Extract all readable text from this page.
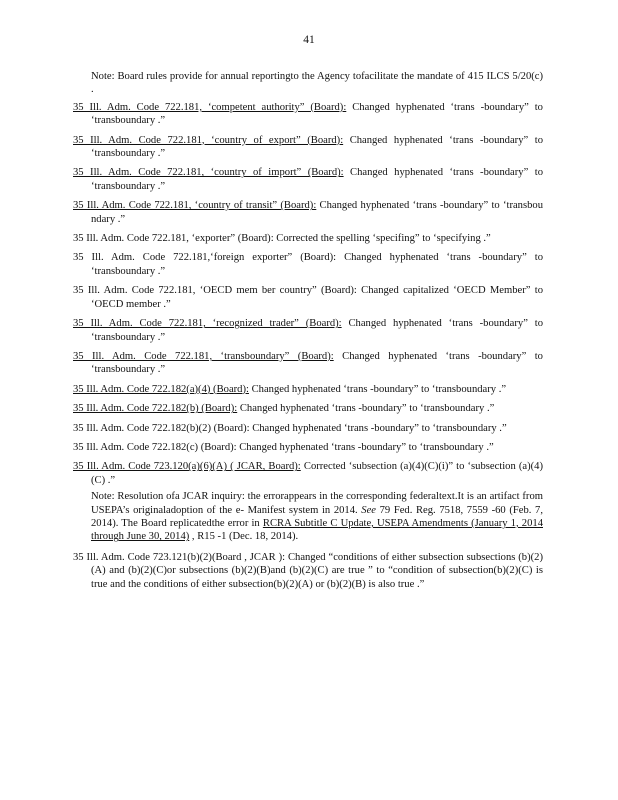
41
Note: Board rules provide for annual reportingto the Agency tofacilitate the mandate of 415 ILCS 5/20(c) .
35 Ill. Adm. Code 722.181, ‘competent authority” (Board): Changed hyphenated ‘trans -boundary” to ‘transboundary .”
35 Ill. Adm. Code 722.181, ‘country of export” (Board): Changed hyphenated ‘trans -boundary” to ‘transboundary .”
35 Ill. Adm. Code 722.181, ‘country of import” (Board): Changed hyphenated ‘trans -boundary” to ‘transboundary .”
35 Ill. Adm. Code 722.181, ‘country of transit” (Board): Changed hyphenated ‘trans -boundary” to ‘transbou ndary .”
35 Ill. Adm. Code 722.181, ‘exporter” (Board): Corrected the spelling ‘specifing” to ‘specifying .”
35 Ill. Adm. Code 722.181,‘foreign exporter” (Board): Changed hyphenated ‘trans -boundary” to ‘transboundary .”
35 Ill. Adm. Code 722.181, ‘OECD mem ber country” (Board): Changed capitalized ‘OECD Member” to ‘OECD member .”
35 Ill. Adm. Code 722.181, ‘recognized trader” (Board): Changed hyphenated ‘trans -boundary” to ‘transboundary .”
35 Ill. Adm. Code 722.181, ‘transboundary” (Board): Changed hyphenated ‘trans -boundary” to ‘transboundary .”
35 Ill. Adm. Code 722.182(a)(4) (Board): Changed hyphenated ‘trans -boundary” to ‘transboundary .”
35 Ill. Adm. Code 722.182(b) (Board): Changed hyphenated ‘trans -boundary” to ‘transboundary .”
35 Ill. Adm. Code 722.182(b)(2) (Board): Changed hyphenated ‘trans -boundary” to ‘transboundary .”
35 Ill. Adm. Code 722.182(c) (Board): Changed hyphenated ‘trans -boundary” to ‘transboundary .”
35 Ill. Adm. Code 723.120(a)(6)(A) ( JCAR, Board): Corrected ‘subsection (a)(4)(C)(i)” to ‘subsection (a)(4)(C) .”
Note: Resolution ofa JCAR inquiry: the errorappears in the corresponding federaltext.It is an artifact from USEPA’s originaladoption of the e- Manifest system in 2014. See 79 Fed. Reg. 7518, 7559 -60 (Feb. 7, 2014). The Board replicatedthe error in RCRA Subtitle C Update, USEPA Amendments (January 1, 2014 through June 30, 2014) , R15 -1 (Dec. 18, 2014).
35 Ill. Adm. Code 723.121(b)(2)(Board , JCAR ): Changed “conditions of either subsection subsections (b)(2)(A) and (b)(2)(C)or subsections (b)(2)(B)and (b)(2)(C) are true ” to “condition of subsection(b)(2)(C) is true and the conditions of either subsection(b)(2)(A) or (b)(2)(B) is also true .”
